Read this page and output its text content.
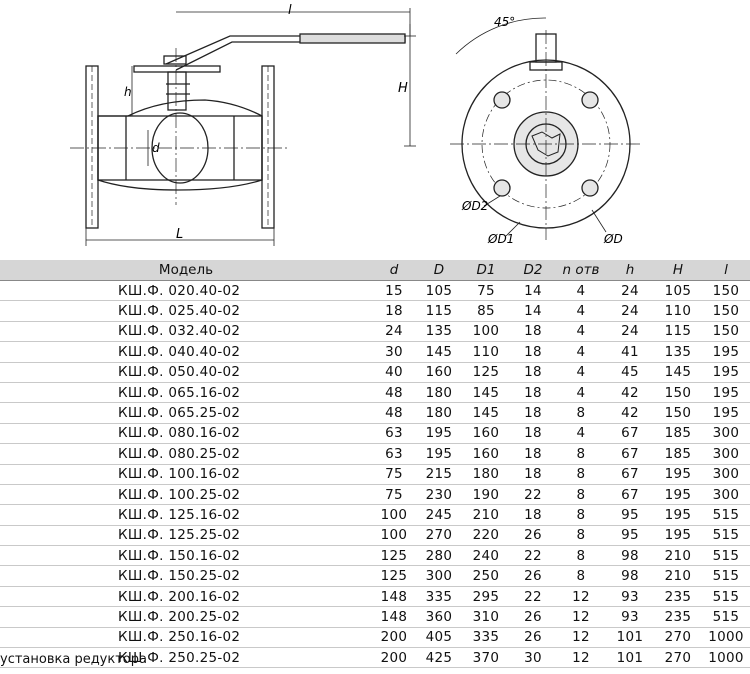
l
H
h
d
L
45°
ØD2
ØD1	ØD
Модель	d	D	D1	D2	n отв	h	H	l
КШ.Ф. 020.40-02	15	105	75	14	4	24	105	150
КШ.Ф. 025.40-02	18	115	85	14	4	24	110	150
КШ.Ф. 032.40-02	24	135	100	18	4	24	115	150
КШ.Ф. 040.40-02	30	145	110	18	4	41	135	195
КШ.Ф. 050.40-02	40	160	125	18	4	45	145	195
КШ.Ф. 065.16-02	48	180	145	18	4	42	150	195
КШ.Ф. 065.25-02	48	180	145	18	8	42	150	195
КШ.Ф. 080.16-02	63	195	160	18	4	67	185	300
КШ.Ф. 080.25-02	63	195	160	18	8	67	185	300
КШ.Ф. 100.16-02	75	215	180	18	8	67	195	300
КШ.Ф. 100.25-02	75	230	190	22	8	67	195	300
КШ.Ф. 125.16-02	100	245	210	18	8	95	195	515
КШ.Ф. 125.25-02	100	270	220	26	8	95	195	515
КШ.Ф. 150.16-02	125	280	240	22	8	98	210	515
КШ.Ф. 150.25-02	125	300	250	26	8	98	210	515
КШ.Ф. 200.16-02	148	335	295	22	12	93	235	515
КШ.Ф. 200.25-02	148	360	310	26	12	93	235	515
КШ.Ф. 250.16-02	200	405	335	26	12	101	270	1000
КШ.Ф. 250.25-02	200	425	370	30	12	101	270	1000
установка редуктора
